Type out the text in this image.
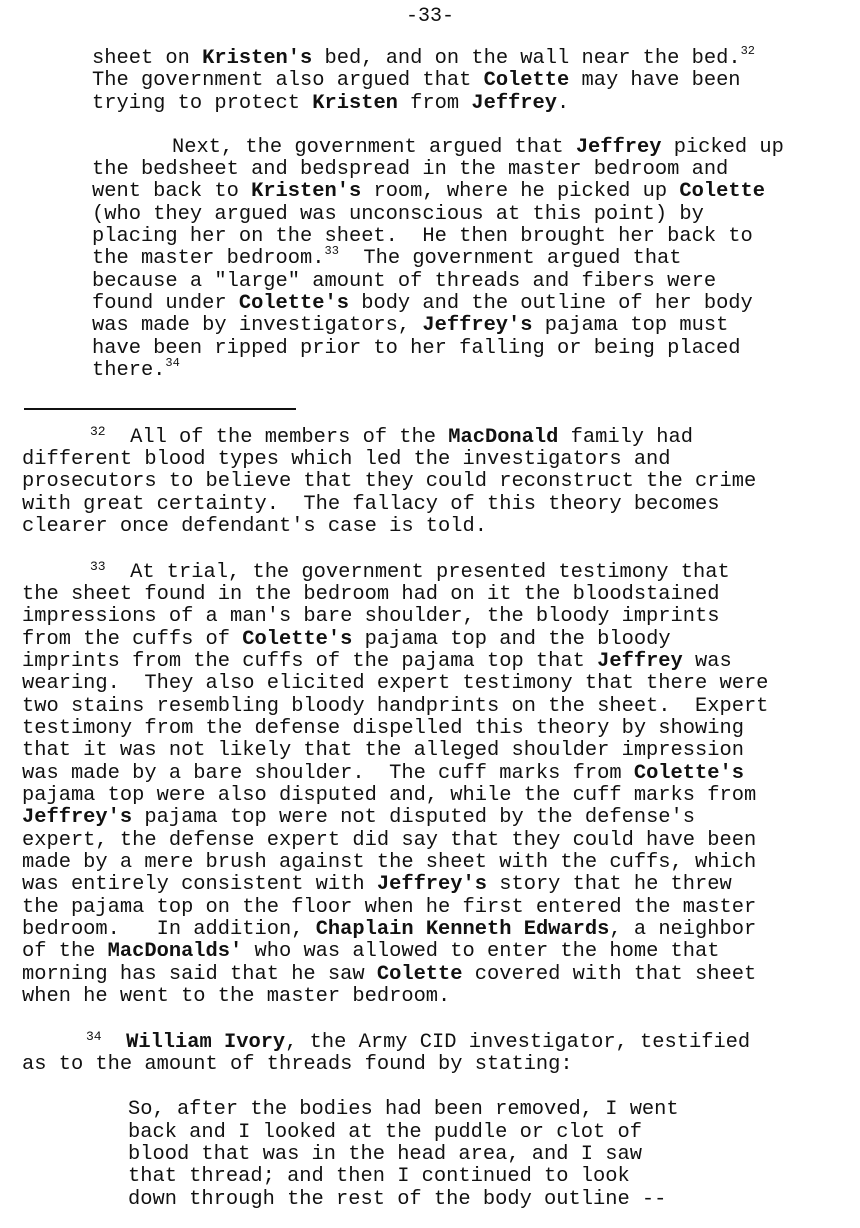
-33-
sheet on Kristen's bed, and on the wall near the bed.$^{32}$
The government also argued that Colette may have been
trying to protect Kristen from Jeffrey.
Next, the government argued that Jeffrey picked up
the bedsheet and bedspread in the master bedroom and
went back to Kristen's room, where he picked up Colette
(who they argued was unconscious at this point) by
placing her on the sheet.  He then brought her back to
the master bedroom.$^{33}$  The government argued that
because a "large" amount of threads and fibers were
found under Colette's body and the outline of her body
was made by investigators, Jeffrey's pajama top must
have been ripped prior to her falling or being placed
there.$^{34}$
$^{32}$ All of the members of the MacDonald family had
different blood types which led the investigators and
prosecutors to believe that they could reconstruct the crime
with great certainty.  The fallacy of this theory becomes
clearer once defendant's case is told.
$^{33}$ At trial, the government presented testimony that
the sheet found in the bedroom had on it the bloodstained
impressions of a man's bare shoulder, the bloody imprints
from the cuffs of Colette's pajama top and the bloody
imprints from the cuffs of the pajama top that Jeffrey was
wearing.  They also elicited expert testimony that there were
two stains resembling bloody handprints on the sheet.  Expert
testimony from the defense dispelled this theory by showing
that it was not likely that the alleged shoulder impression
was made by a bare shoulder.  The cuff marks from Colette's
pajama top were also disputed and, while the cuff marks from
Jeffrey's pajama top were not disputed by the defense's
expert, the defense expert did say that they could have been
made by a mere brush against the sheet with the cuffs, which
was entirely consistent with Jeffrey's story that he threw
the pajama top on the floor when he first entered the master
bedroom.   In addition, Chaplain Kenneth Edwards, a neighbor
of the MacDonalds' who was allowed to enter the home that
morning has said that he saw Colette covered with that sheet
when he went to the master bedroom.
$^{34}$ William Ivory, the Army CID investigator, testified
as to the amount of threads found by stating:
So, after the bodies had been removed, I went
back and I looked at the puddle or clot of
blood that was in the head area, and I saw
that thread; and then I continued to look
down through the rest of the body outline --
